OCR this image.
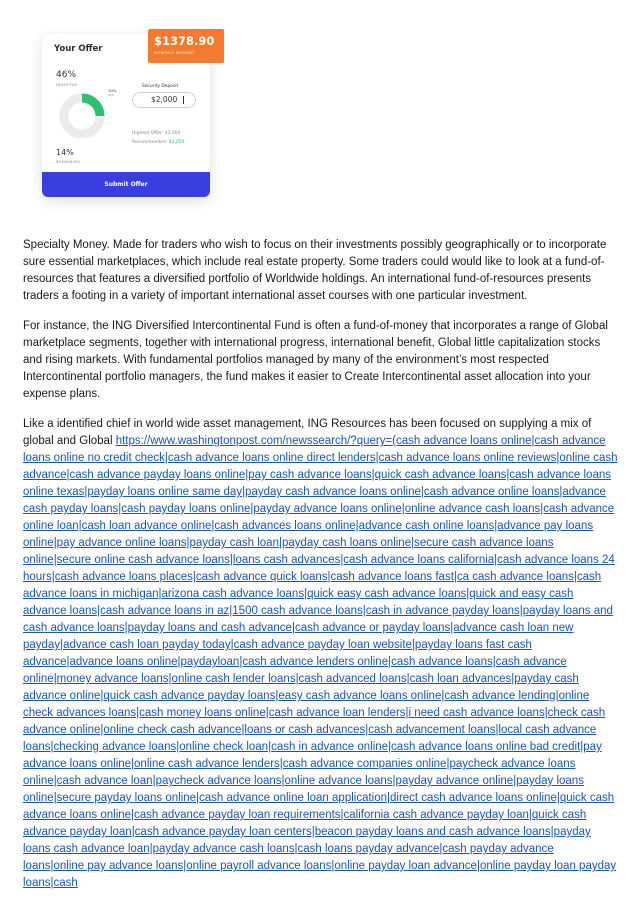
Your Offer
$1378.90
MONTHLY PAYMENT
46%
INVESTED
10%
APR
14%
REMAINING
Security Deposit
$2,000
Highest Offer: $3,000
Recommended: $2,050
Submit Offer

Specialty Money. Made for traders who wish to focus on their investments possibly geographically or to incorporate sure essential marketplaces, which include real estate property. Some traders could would like to look at a fund-of-resources that features a diversified portfolio of Worldwide holdings. An international fund-of-resources presents traders a footing in a variety of important international asset courses with one particular investment.

For instance, the ING Diversified Intercontinental Fund is often a fund-of-money that incorporates a range of Global marketplace segments, together with international progress, international benefit, Global little capitalization stocks and rising markets. With fundamental portfolios managed by many of the environment’s most respected Intercontinental portfolio managers, the fund makes it easier to Create Intercontinental asset allocation into your expense plans.

Like a identified chief in world wide asset management, ING Resources has been focused on supplying a mix of global and Global https://www.washingtonpost.com/newssearch/?query=(cash advance loans online|cash advance loans online no credit check|cash advance loans online direct lenders|cash advance loans online reviews|online cash advance|cash advance payday loans online|pay cash advance loans|quick cash advance loans|cash advance loans online texas|payday loans online same day|payday cash advance loans online|cash advance online loans|advance cash payday loans|cash payday loans online|payday advance loans online|online advance cash loans|cash advance online loan|cash loan advance online|cash advances loans online|advance cash online loans|advance pay loans online|pay advance online loans|payday cash loan|payday cash loans online|secure cash advance loans online|secure online cash advance loans|loans cash advances|cash advance loans california|cash advance loans 24 hours|cash advance loans places|cash advance quick loans|cash advance loans fast|ca cash advance loans|cash advance loans in michigan|arizona cash advance loans|quick easy cash advance loans|quick and easy cash advance loans|cash advance loans in az|1500 cash advance loans|cash in advance payday loans|payday loans and cash advance loans|payday loans and cash advance|cash advance or payday loans|advance cash loan new payday|advance cash loan payday today|cash advance payday loan website|payday loans fast cash advance|advance loans online|paydayloan|cash advance lenders online|cash advance loans|cash advance online|money advance loans|online cash lender loans|cash advanced loans|cash loan advances|payday cash advance online|quick cash advance payday loans|easy cash advance loans online|cash advance lending|online check advances loans|cash money loans online|cash advance loan lenders|i need cash advance loans|check cash advance online|online check cash advance|loans or cash advances|cash advancement loans|local cash advance loans|checking advance loans|online check loan|cash in advance online|cash advance loans online bad credit|pay advance loans online|online cash advance lenders|cash advance companies online|paycheck advance loans online|cash advance loan|paycheck advance loans|online advance loans|payday advance online|payday loans online|secure payday loans online|cash advance online loan application|direct cash advance loans online|quick cash advance loans online|cash advance payday loan requirements|california cash advance payday loan|quick cash advance payday loan|cash advance payday loan centers|beacon payday loans and cash advance loans|payday loans cash advance loan|payday advance cash loans|cash loans payday advance|cash payday advance loans|online pay advance loans|online payroll advance loans|online payday loan advance|online payday loan payday loans|cash
